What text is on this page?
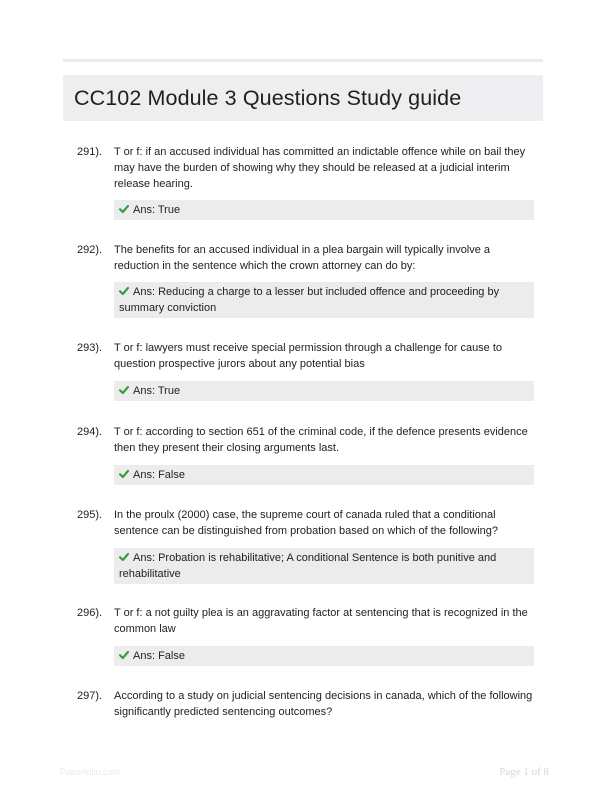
CC102 Module 3 Questions Study guide
291). T or f: if an accused individual has committed an indictable offence while on bail they may have the burden of showing why they should be released at a judicial interim release hearing.
Ans: True
292). The benefits for an accused individual in a plea bargain will typically involve a reduction in the sentence which the crown attorney can do by:
Ans: Reducing a charge to a lesser but included offence and proceeding by summary conviction
293). T or f: lawyers must receive special permission through a challenge for cause to question prospective jurors about any potential bias
Ans: True
294). T or f: according to section 651 of the criminal code, if the defence presents evidence then they present their closing arguments last.
Ans: False
295). In the proulx (2000) case, the supreme court of canada ruled that a conditional sentence can be distinguished from probation based on which of the following?
Ans: Probation is rehabilitative; A conditional Sentence is both punitive and rehabilitative
296). T or f: a not guilty plea is an aggravating factor at sentencing that is recognized in the common law
Ans: False
297). According to a study on judicial sentencing decisions in canada, which of the following significantly predicted sentencing outcomes?
Paperfolio.com	Page 1 of 8
